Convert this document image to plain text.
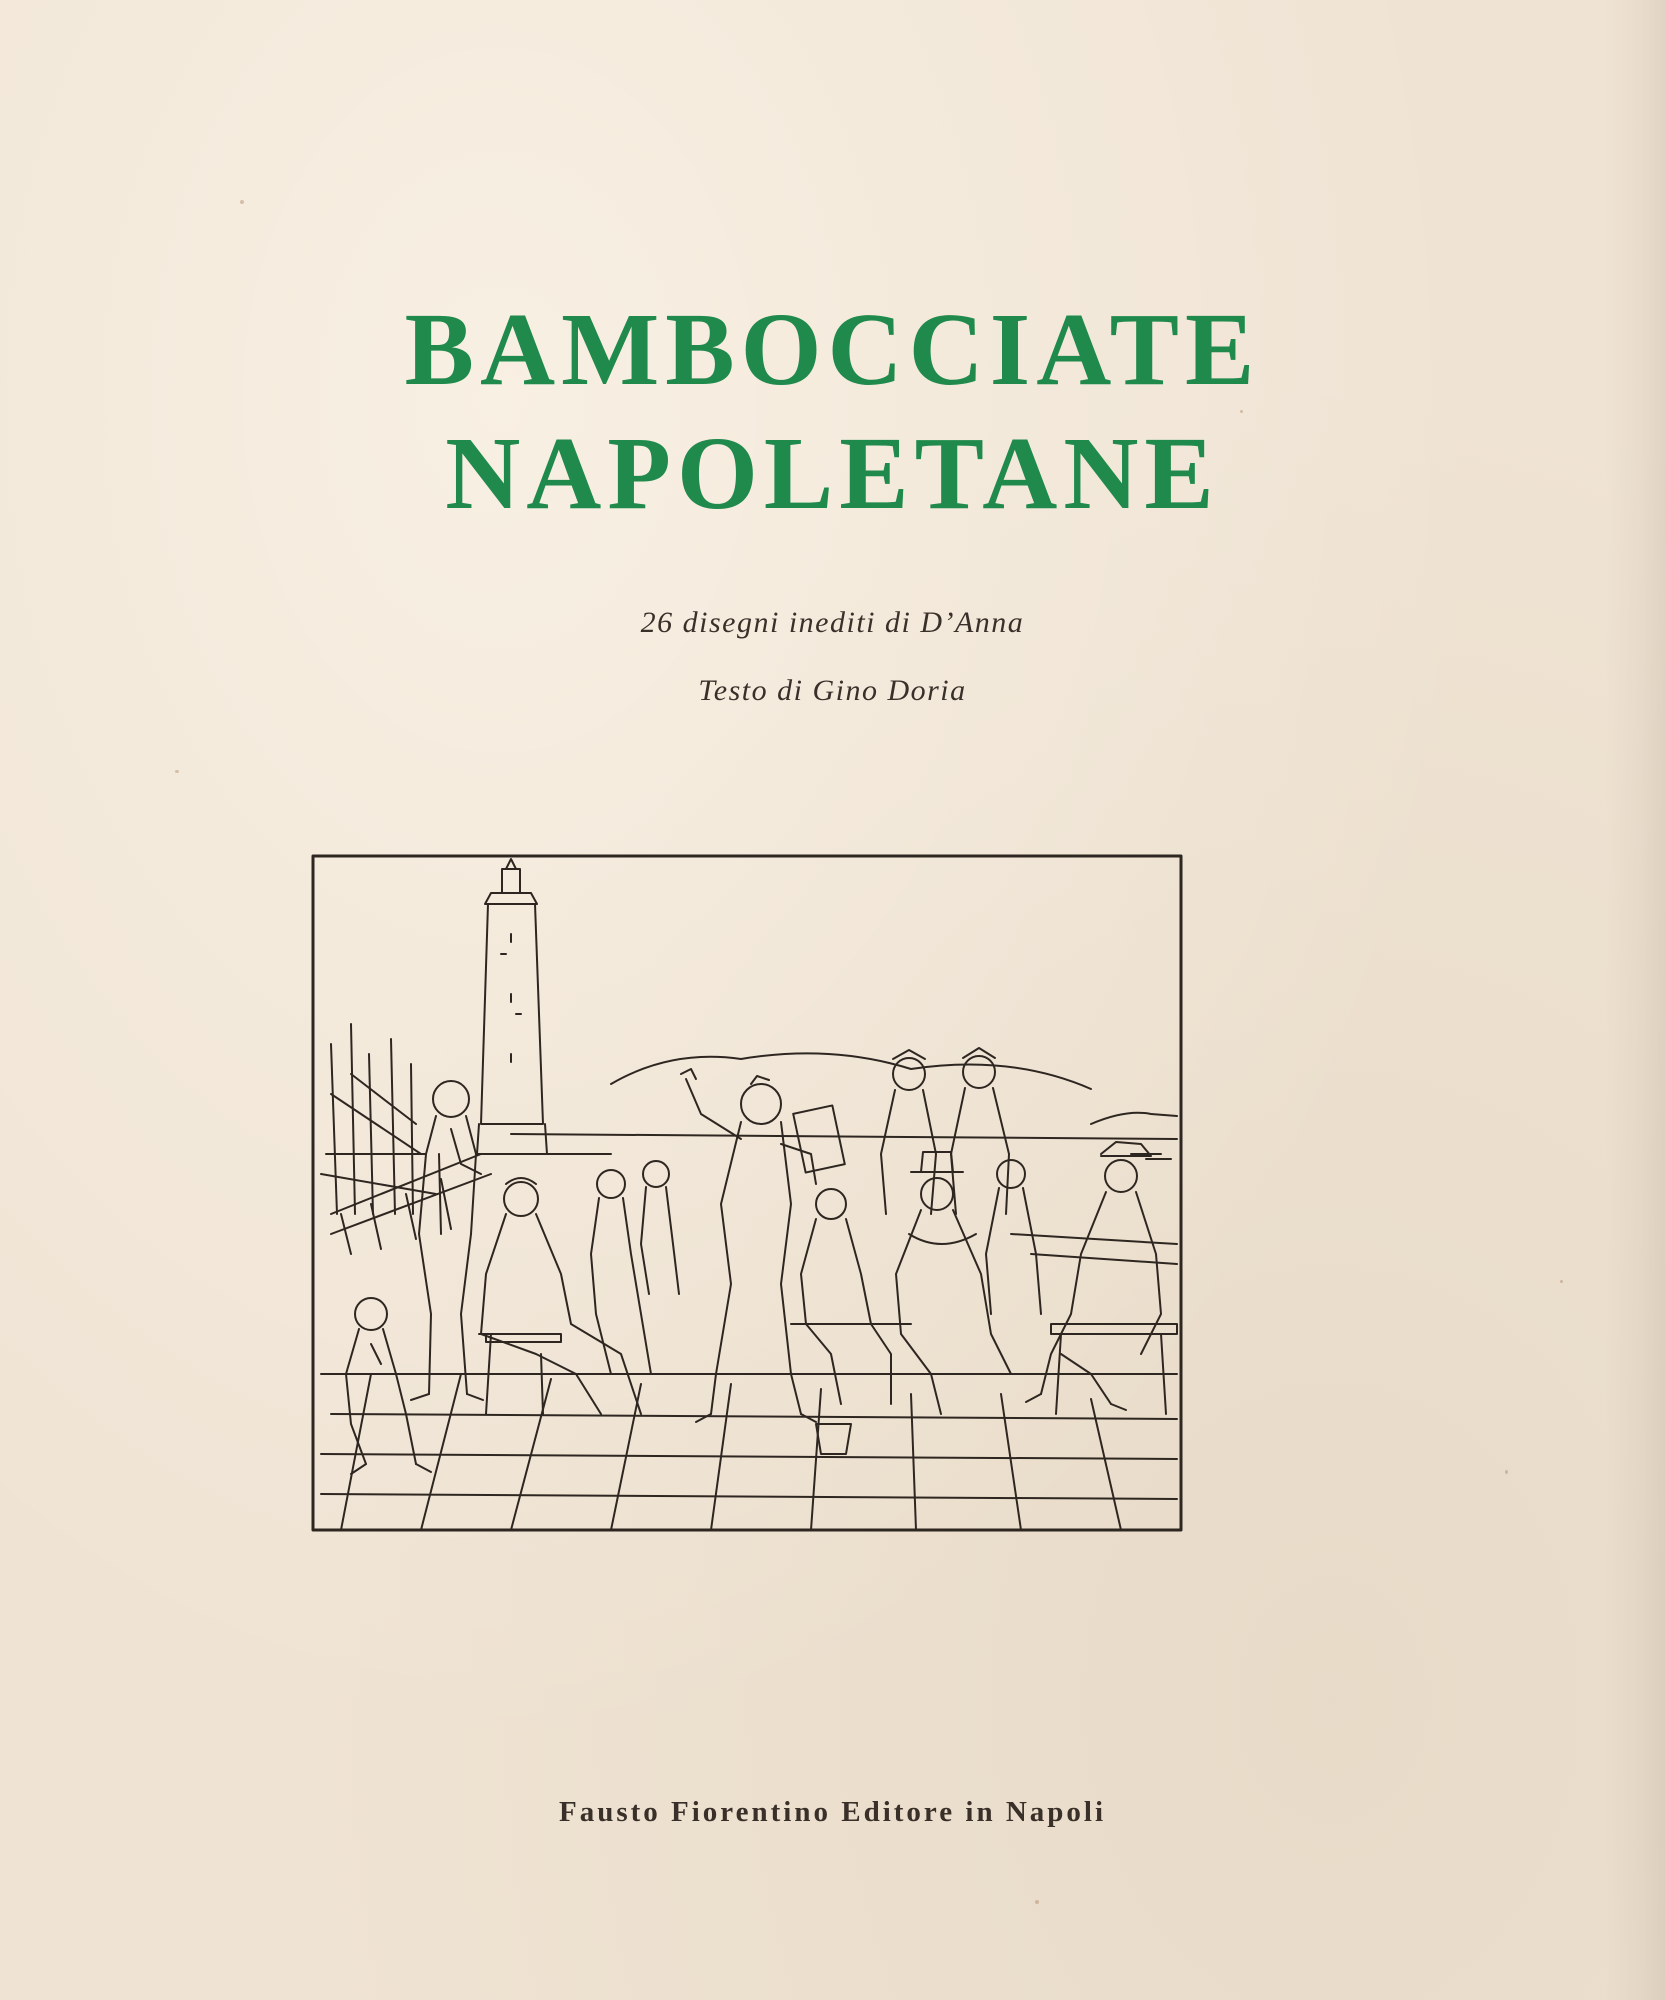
BAMBOCCIATE
NAPOLETANE

26 disegni inediti di D’Anna

Testo di Gino Doria

Fausto Fiorentino Editore in Napoli
